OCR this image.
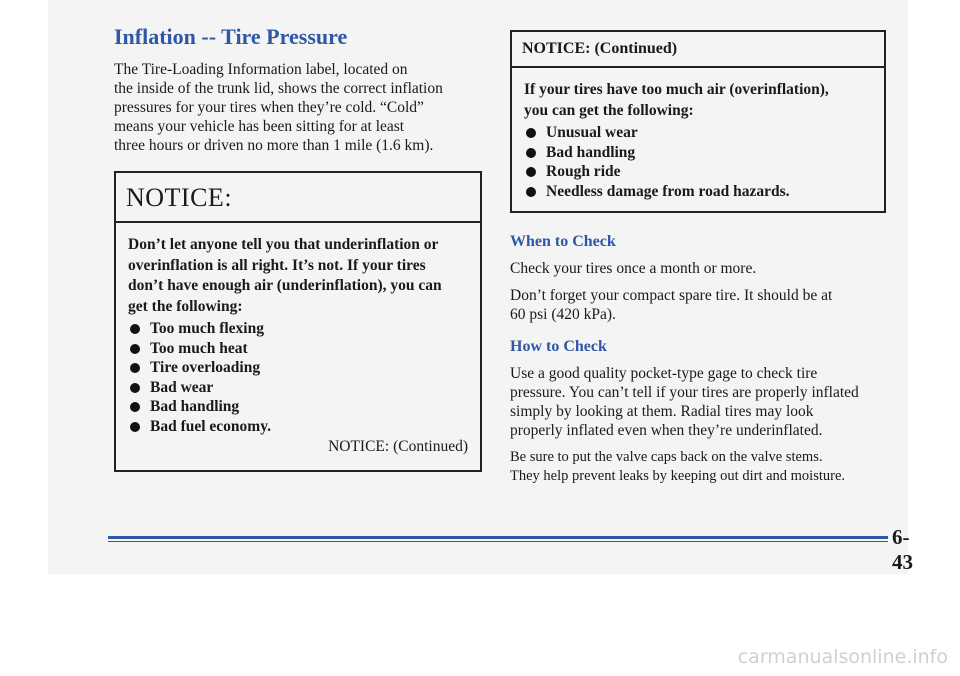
Inflation -- Tire Pressure

The Tire-Loading Information label, located on
the inside of the trunk lid, shows the correct inflation
pressures for your tires when they’re cold. “Cold”
means your vehicle has been sitting for at least
three hours or driven no more than 1 mile (1.6 km).

NOTICE:

Don’t let anyone tell you that underinflation or
overinflation is all right. It’s not. If your tires
don’t have enough air (underinflation), you can
get the following:

Too much flexing
Too much heat
Tire overloading
Bad wear
Bad handling
Bad fuel economy.
NOTICE: (Continued)
NOTICE: (Continued)

If your tires have too much air (overinflation),
you can get the following:

Unusual wear
Bad handling
Rough ride
Needless damage from road hazards.
When to Check

Check your tires once a month or more.

Don’t forget your compact spare tire. It should be at
60 psi (420 kPa).

How to Check

Use a good quality pocket-type gage to check tire
pressure. You can’t tell if your tires are properly inflated
simply by looking at them. Radial tires may look
properly inflated even when they’re underinflated.

Be sure to put the valve caps back on the valve stems.
They help prevent leaks by keeping out dirt and moisture.

6-43
carmanualsonline.info
